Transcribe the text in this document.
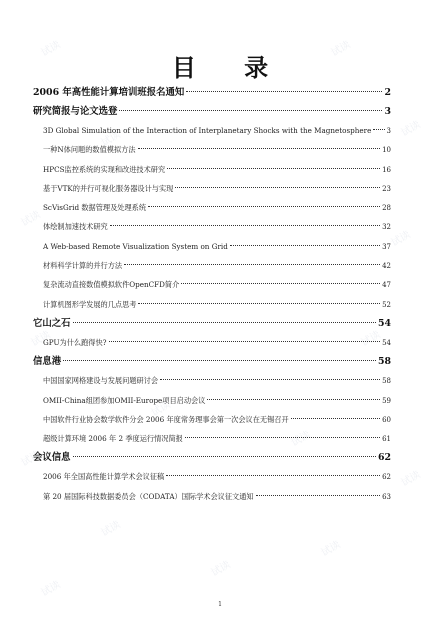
试读
试读
试读
试读
试读
试读
试读	试读
试读
试读
试读
试读
试读
试读
试读
试读
目 录
2006 年高性能计算培训班报名通知	2
研究简报与论文选登	3
3D Global Simulation of the Interaction of Interplanetary Shocks with the Magnetosphere 3
一种N体问题的数值模拟方法	10
HPCS监控系统的实现和改进技术研究	16
基于VTK的并行可视化服务器设计与实现	23
ScVisGrid 数据管理及处理系统	28
体绘制加速技术研究	32
A Web-based Remote Visualization System on Grid	37
材料科学计算的并行方法	42
复杂流动直接数值模拟软件OpenCFD简介	47
计算机图形学发展的几点思考	52
它山之石	54
GPU为什么跑得快?	54
信息港	58
中国国家网格建设与发展问题研讨会	58
OMII-China组团参加OMII-Europe项目启动会议	59
中国软件行业协会数学软件分会 2006 年度常务理事会第一次会议在无锡召开	60
超级计算环境 2006 年 2 季度运行情况简报	61
会议信息	62
2006 年全国高性能计算学术会议征稿	62
第 20 届国际科技数据委员会（CODATA）国际学术会议征文通知	63
1
